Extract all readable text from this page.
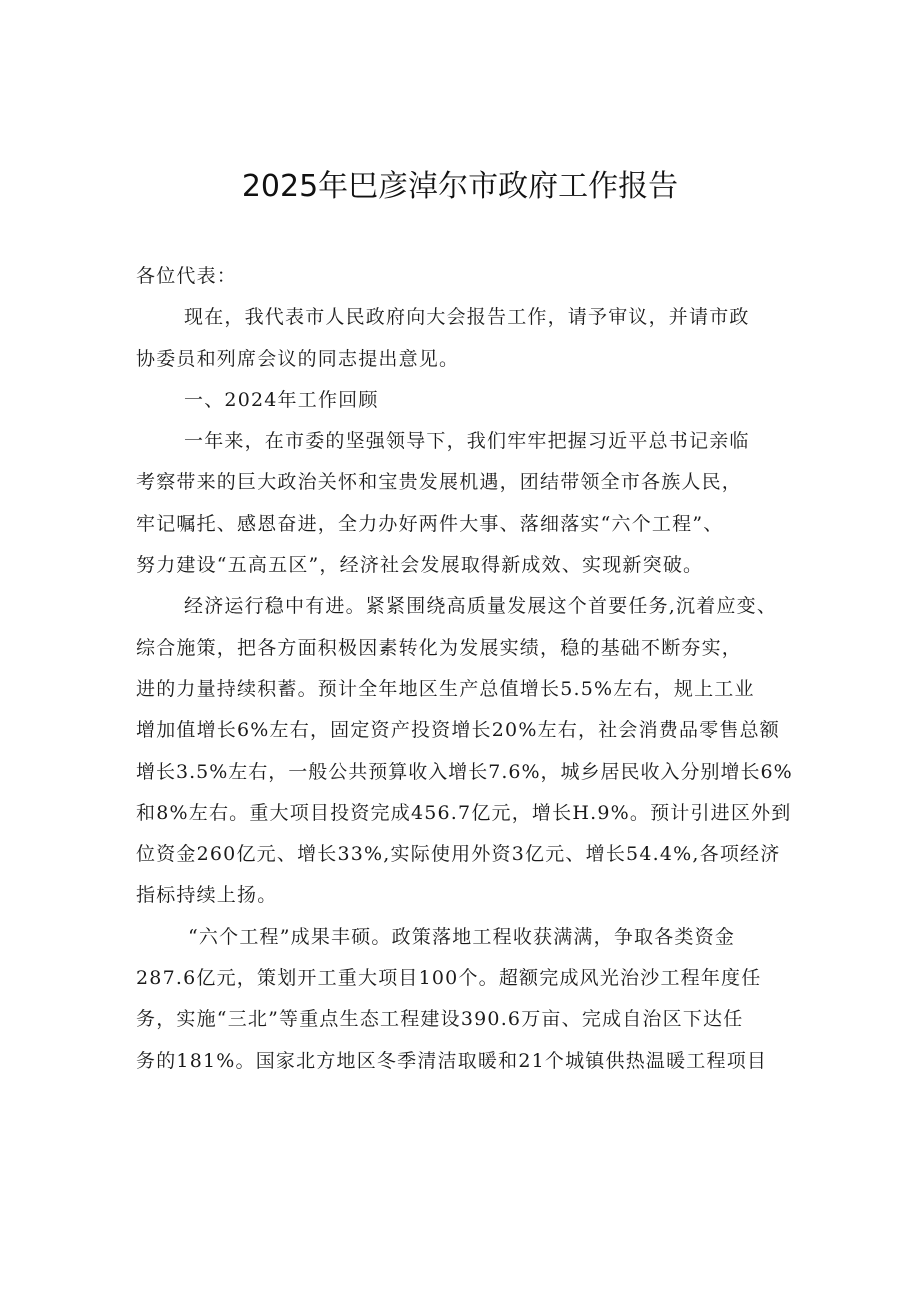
2025年巴彦淖尔市政府工作报告
各位代表：
现在，我代表市人民政府向大会报告工作，请予审议，并请市政
协委员和列席会议的同志提出意见。
一、2024年工作回顾
一年来，在市委的坚强领导下，我们牢牢把握习近平总书记亲临
考察带来的巨大政治关怀和宝贵发展机遇，团结带领全市各族人民，
牢记嘱托、感恩奋进，全力办好两件大事、落细落实“六个工程”、
努力建设“五高五区”，经济社会发展取得新成效、实现新突破。
经济运行稳中有进。紧紧围绕高质量发展这个首要任务,沉着应变、
综合施策，把各方面积极因素转化为发展实绩，稳的基础不断夯实，
进的力量持续积蓄。预计全年地区生产总值增长5.5%左右，规上工业
增加值增长6%左右，固定资产投资增长20%左右，社会消费品零售总额
增长3.5%左右，一般公共预算收入增长7.6%，城乡居民收入分别增长6%
和8%左右。重大项目投资完成456.7亿元，增长H.9%。预计引进区外到
位资金260亿元、增长33%,实际使用外资3亿元、增长54.4%,各项经济
指标持续上扬。
“六个工程”成果丰硕。政策落地工程收获满满，争取各类资金
287.6亿元，策划开工重大项目100个。超额完成风光治沙工程年度任
务，实施“三北”等重点生态工程建设390.6万亩、完成自治区下达任
务的181%。国家北方地区冬季清洁取暖和21个城镇供热温暖工程项目
